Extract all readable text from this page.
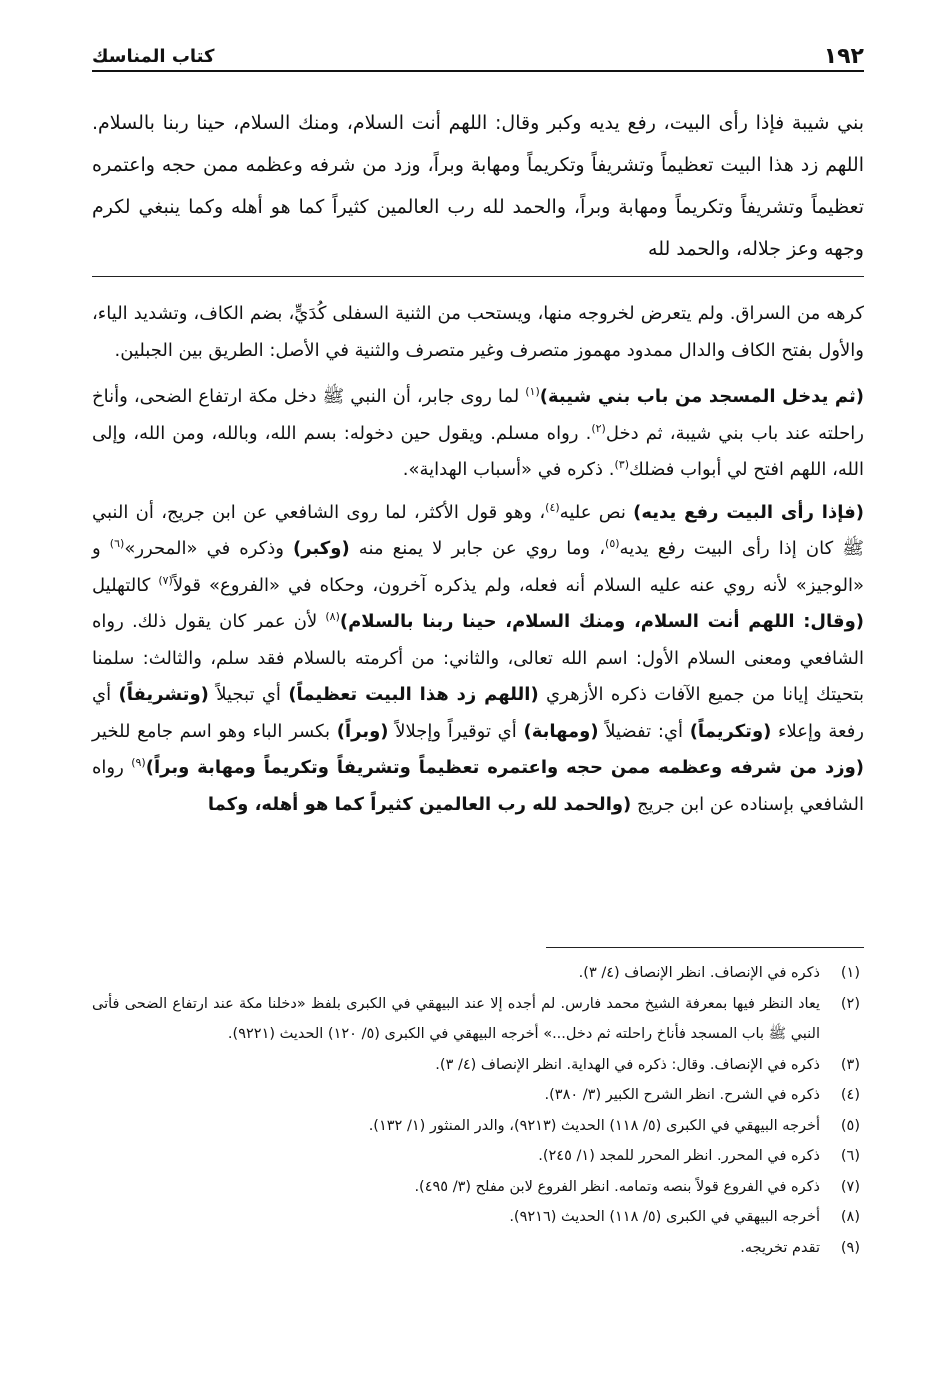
١٩٢
كتاب المناسك
بني شيبة فإذا رأى البيت، رفع يديه وكبر وقال: اللهم أنت السلام، ومنك السلام، حينا ربنا بالسلام. اللهم زد هذا البيت تعظيماً وتشريفاً وتكريماً ومهابة وبراً، وزد من شرفه وعظمه ممن حجه واعتمره تعظيماً وتشريفاً وتكريماً ومهابة وبراً، والحمد لله رب العالمين كثيراً كما هو أهله وكما ينبغي لكرم وجهه وعز جلاله، والحمد لله

كرهه من السراق. ولم يتعرض لخروجه منها، ويستحب من الثنية السفلى كُدَيٍّ، بضم الكاف، وتشديد الياء، والأول بفتح الكاف والدال ممدود مهموز متصرف وغير متصرف والثنية في الأصل: الطريق بين الجبلين.

(ثم يدخل المسجد من باب بني شيبة)$^{(١)}$ لما روى جابر، أن النبي ﷺ دخل مكة ارتفاع الضحى، وأناخ راحلته عند باب بني شيبة، ثم دخل$^{(٢)}$. رواه مسلم. ويقول حين دخوله: بسم الله، وبالله، ومن الله، وإلى الله، اللهم افتح لي أبواب فضلك$^{(٣)}$. ذكره في «أسباب الهداية».

(فإذا رأى البيت رفع يديه) نص عليه$^{(٤)}$، وهو قول الأكثر، لما روى الشافعي عن ابن جريج، أن النبي ﷺ كان إذا رأى البيت رفع يديه$^{(٥)}$، وما روي عن جابر لا يمنع منه (وكبر) وذكره في «المحرر»$^{(٦)}$ و «الوجيز» لأنه روي عنه عليه السلام أنه فعله، ولم يذكره آخرون، وحكاه في «الفروع» قولاً$^{(٧)}$ كالتهليل (وقال: اللهم أنت السلام، ومنك السلام، حينا ربنا بالسلام)$^{(٨)}$ لأن عمر كان يقول ذلك. رواه الشافعي ومعنى السلام الأول: اسم الله تعالى، والثاني: من أكرمته بالسلام فقد سلم، والثالث: سلمنا بتحيتك إيانا من جميع الآفات ذكره الأزهري (اللهم زد هذا البيت تعظيماً) أي تبجيلاً (وتشريفاً) أي رفعة وإعلاء (وتكريماً) أي: تفضيلاً (ومهابة) أي توقيراً وإجلالاً (وبراً) بكسر الباء وهو اسم جامع للخير (وزد من شرفه وعظمه ممن حجه واعتمره تعظيماً وتشريفاً وتكريماً ومهابة وبراً)$^{(٩)}$ رواه الشافعي بإسناده عن ابن جريج (والحمد لله رب العالمين كثيراً كما هو أهله، وكما

(١)
ذكره في الإنصاف. انظر الإنصاف (٤/ ٣).
(٢)
يعاد النظر فيها بمعرفة الشيخ محمد فارس. لم أجده إلا عند البيهقي في الكبرى بلفظ «دخلنا مكة عند ارتفاع الضحى فأتى النبي ﷺ باب المسجد فأناخ راحلته ثم دخل...» أخرجه البيهقي في الكبرى (٥/ ١٢٠) الحديث (٩٢٢١).
(٣)
ذكره في الإنصاف. وقال: ذكره في الهداية. انظر الإنصاف (٤/ ٣).
(٤)
ذكره في الشرح. انظر الشرح الكبير (٣/ ٣٨٠).
(٥)
أخرجه البيهقي في الكبرى (٥/ ١١٨) الحديث (٩٢١٣)، والدر المنثور (١/ ١٣٢).
(٦)
ذكره في المحرر. انظر المحرر للمجد (١/ ٢٤٥).
(٧)
ذكره في الفروع قولاً بنصه وتمامه. انظر الفروع لابن مفلح (٣/ ٤٩٥).
(٨)
أخرجه البيهقي في الكبرى (٥/ ١١٨) الحديث (٩٢١٦).
(٩)
تقدم تخريجه.
